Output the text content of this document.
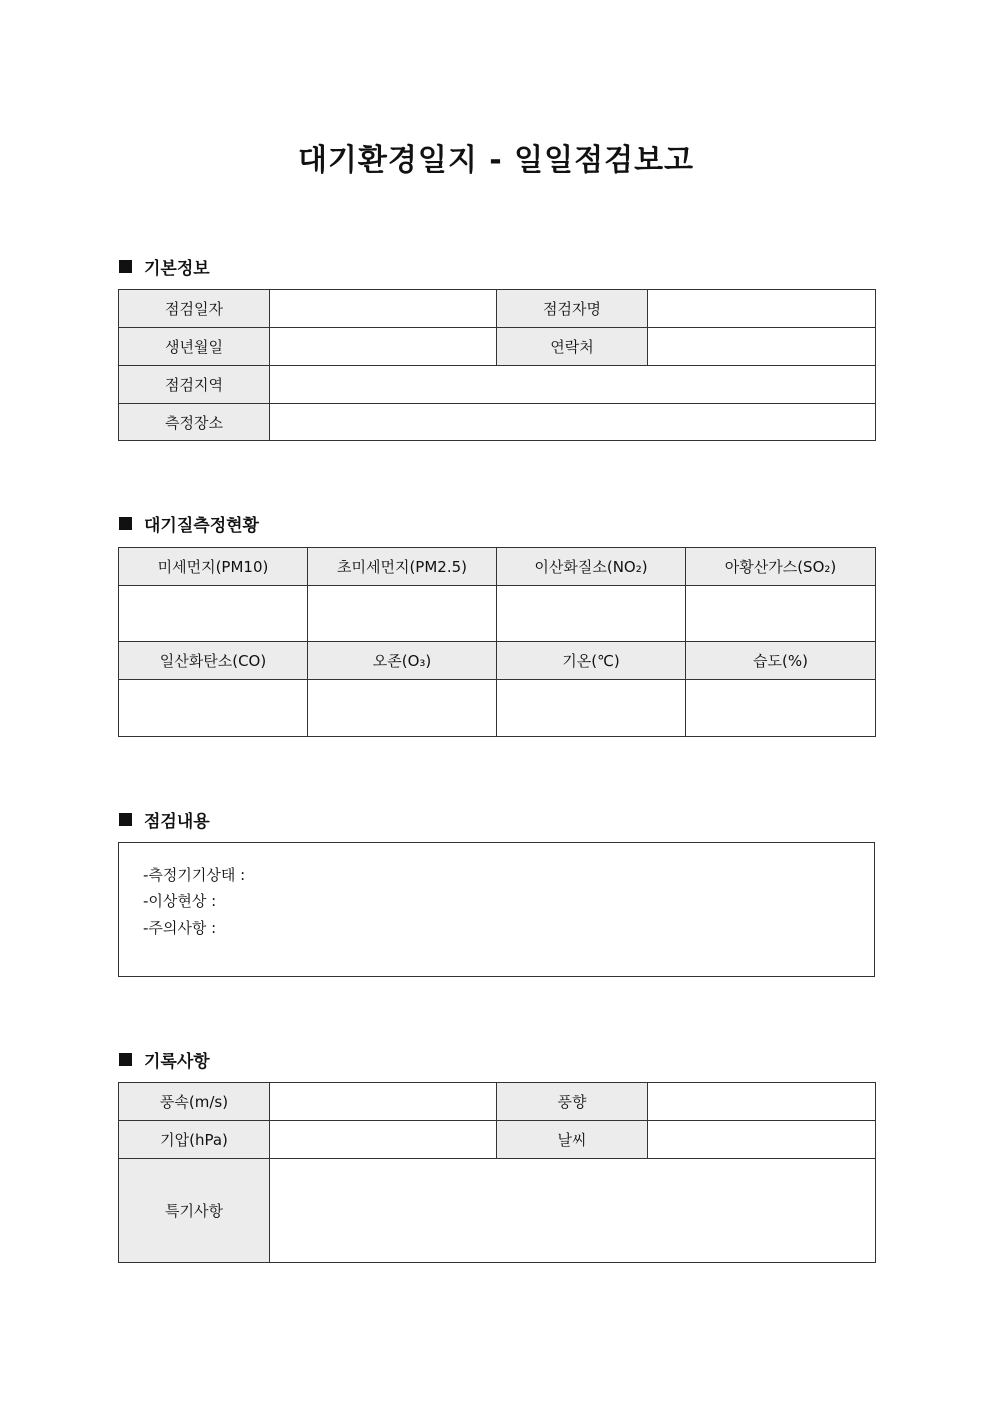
대기환경일지 - 일일점검보고
기본정보
점검일자		점검자명	
생년월일		연락처	
점검지역			
측정장소			
대기질측정현황
미세먼지(PM10)	초미세먼지(PM2.5)	이산화질소(NO₂)	아황산가스(SO₂)

일산화탄소(CO)	오존(O₃)	기온(℃)	습도(%)

점검내용
-측정기기상태 :
-이상현상 :
-주의사항 :
기록사항
풍속(m/s)		풍향	
기압(hPa)		날씨	
특기사항			
